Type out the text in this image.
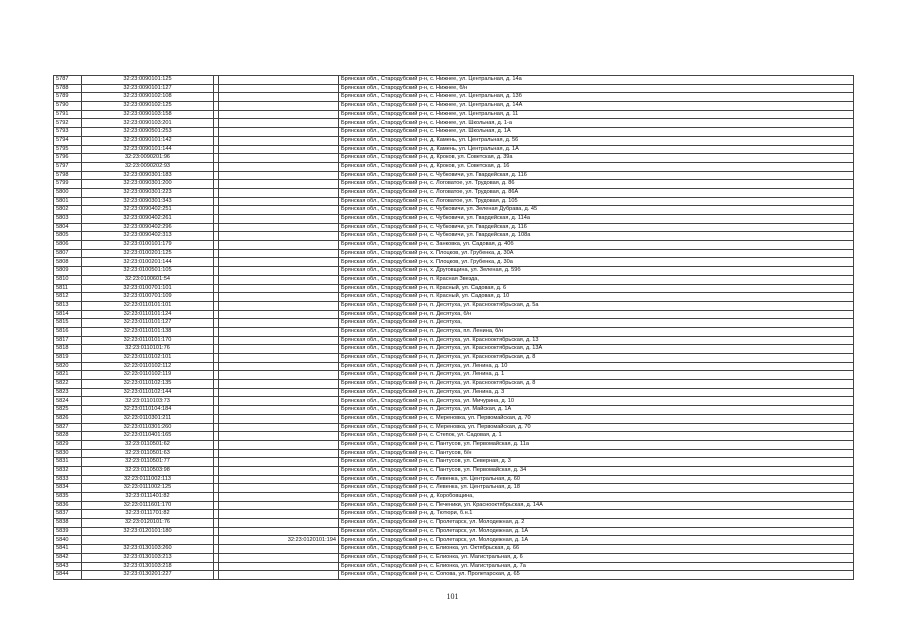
5787	32:23:0090101:125			Брянская обл., Стародубский р-н, с. Нижнее, ул. Центральная, д. 14а
5788	32:23:0090101:127			Брянская обл., Стародубский р-н, с. Нижнее, б/н
5789	32:23:0090102:108			Брянская обл., Стародубский р-н, с. Нижнее, ул. Центральная, д. 13б
5790	32:23:0090102:125			Брянская обл., Стародубский р-н, с. Нижнее, ул. Центральная, д. 14А
5791	32:23:0090103:158			Брянская обл., Стародубский р-н, с. Нижнее, ул. Центральная, д. 11
5792	32:23:0090103:201			Брянская обл., Стародубский р-н, с. Нижнее, ул. Школьная, д. 1-а
5793	32:23:0090501:253			Брянская обл., Стародубский р-н, с. Нижнее, ул. Школьная, д. 1А
5794	32:23:0090101:142			Брянская обл., Стародубский р-н, д. Камень, ул. Центральная, д. 56
5795	32:23:0090101:144			Брянская обл., Стародубский р-н, д. Камень, ул. Центральная, д. 1А
5796	32:23:0090201:96			Брянская обл., Стародубский р-н, д. Кроков, ул. Советская, д. 39а
5797	32:23:0090202:93			Брянская обл., Стародубский р-н, д. Кроков, ул. Советская, д. 16
5798	32:23:0090301:183			Брянская обл., Стародубский р-н, с. Чубковичи, ул. Гвардейская, д. 116
5799	32:23:0090301:200			Брянская обл., Стародубский р-н, с. Логоватое, ул. Трудовая, д. 86
5800	32:23:0090301:223			Брянская обл., Стародубский р-н, с. Логоватое, ул. Трудовая, д. 86А
5801	32:23:0090301:343			Брянская обл., Стародубский р-н, с. Логоватое, ул. Трудовая, д. 105
5802	32:23:0090402:251			Брянская обл., Стародубский р-н, с. Чубковичи, ул. Зеленая Дубрава, д. 45
5803	32:23:0090402:261			Брянская обл., Стародубский р-н, с. Чубковичи, ул. Гвардейская, д. 114а
5804	32:23:0090402:296			Брянская обл., Стародубский р-н, с. Чубковичи, ул. Гвардейская, д. 116
5805	32:23:0090402:313			Брянская обл., Стародубский р-н, с. Чубковичи, ул. Гвардейская, д. 108а
5806	32:23:0100101:179			Брянская обл., Стародубский р-н, с. Занковка, ул. Садовая, д. 40б
5807	32:23:0100201:125			Брянская обл., Стародубский р-н, х. Плоцков, ул. Грубенка, д. 30А
5808	32:23:0100201:144			Брянская обл., Стародубский р-н, х. Плоцков, ул. Грубенка, д. 30а
5809	32:23:0100501:105			Брянская обл., Стародубский р-н, х. Друговщина, ул. Зеленая, д. 59б
5810	32:23:0100601:54			Брянская обл., Стародубский р-н, п. Красная Звезда,
5811	32:23:0100701:101			Брянская обл., Стародубский р-н, п. Красный, ул. Садовая, д. 6
5812	32:23:0100701:109			Брянская обл., Стародубский р-н, п. Красный, ул. Садовая, д. 10
5813	32:23:0110101:101			Брянская обл., Стародубский р-н, п. Десятуха, ул. Краснооктябрьская, д. 5а
5814	32:23:0110101:124			Брянская обл., Стародубский р-н, п. Десятуха, б/н
5815	32:23:0110101:127			Брянская обл., Стародубский р-н, п. Десятуха,
5816	32:23:0110101:138			Брянская обл., Стародубский р-н, п. Десятуха, пл. Ленина, б/н
5817	32:23:0110101:170			Брянская обл., Стародубский р-н, п. Десятуха, ул. Краснооктябрьская, д. 13
5818	32:23:0110101:76			Брянская обл., Стародубский р-н, п. Десятуха, ул. Краснооктябрьская, д. 13А
5819	32:23:0110102:101			Брянская обл., Стародубский р-н, п. Десятуха, ул. Краснооктябрьская, д. 8
5820	32:23:0110102:112			Брянская обл., Стародубский р-н, п. Десятуха, ул. Ленина, д. 10
5821	32:23:0110102:119			Брянская обл., Стародубский р-н, п. Десятуха, ул. Ленина, д. 1
5822	32:23:0110102:135			Брянская обл., Стародубский р-н, п. Десятуха, ул. Краснооктябрьская, д. 8
5823	32:23:0110102:144			Брянская обл., Стародубский р-н, п. Десятуха, ул. Ленина, д. 3
5824	32:23:0110103:73			Брянская обл., Стародубский р-н, п. Десятуха, ул. Мичурина, д. 10
5825	32:23:0110104:184			Брянская обл., Стародубский р-н, п. Десятуха, ул. Майская, д. 1А
5826	32:23:0110301:211			Брянская обл., Стародубский р-н, с. Мереновка, ул. Первомайская, д. 70
5827	32:23:0110301:260			Брянская обл., Стародубский р-н, с. Мереновка, ул. Первомайская, д. 70
5828	32:23:0110401:165			Брянская обл., Стародубский р-н, с. Степок, ул. Садовая, д. 1
5829	32:23:0110501:62			Брянская обл., Стародубский р-н, с. Пантусов, ул. Первомайская, д. 11а
5830	32:23:0110501:63			Брянская обл., Стародубский р-н, с. Пантусов, б/н
5831	32:23:0110501:77			Брянская обл., Стародубский р-н, с. Пантусов, ул. Северная, д. 3
5832	32:23:0110503:98			Брянская обл., Стародубский р-н, с. Пантусов, ул. Первомайская, д. 34
5833	32:23:0111002:113			Брянская обл., Стародубский р-н, с. Левенка, ул. Центральная, д. 60
5834	32:23:0111002:125			Брянская обл., Стародубский р-н, с. Левенка, ул. Центральная, д. 18
5835	32:23:0111401:82			Брянская обл., Стародубский р-н, д. Коробовщина,
5836	32:23:0111601:170			Брянская обл., Стародубский р-н, с. Печеники, ул. Краснооктябрьская, д. 14А
5837	32:23:0111701:82			Брянская обл., Стародубский р-н, д. Тютюри, б.н.1
5838	32:23:0120101:76			Брянская обл., Стародубский р-н, с. Пролетарск, ул. Молодежная, д. 2
5839	32:23:0120101:180			Брянская обл., Стародубский р-н, с. Пролетарск, ул. Молодежная, д. 1А
5840			32:23:0120101:194	Брянская обл., Стародубский р-н, с. Пролетарск, ул. Молодежная, д. 1А
5841	32:23:0130103:260			Брянская обл., Стародубский р-н, с. Елионка, ул. Октябрьская, д. 66
5842	32:23:0130103:213			Брянская обл., Стародубский р-н, с. Елионка, ул. Магистральная, д. 6
5843	32:23:0130103:218			Брянская обл., Стародубский р-н, с. Елионка, ул. Магистральная, д. 7а
5844	32:23:0130201:227			Брянская обл., Стародубский р-н, с. Сопова, ул. Пролетарская, д. 65
101
